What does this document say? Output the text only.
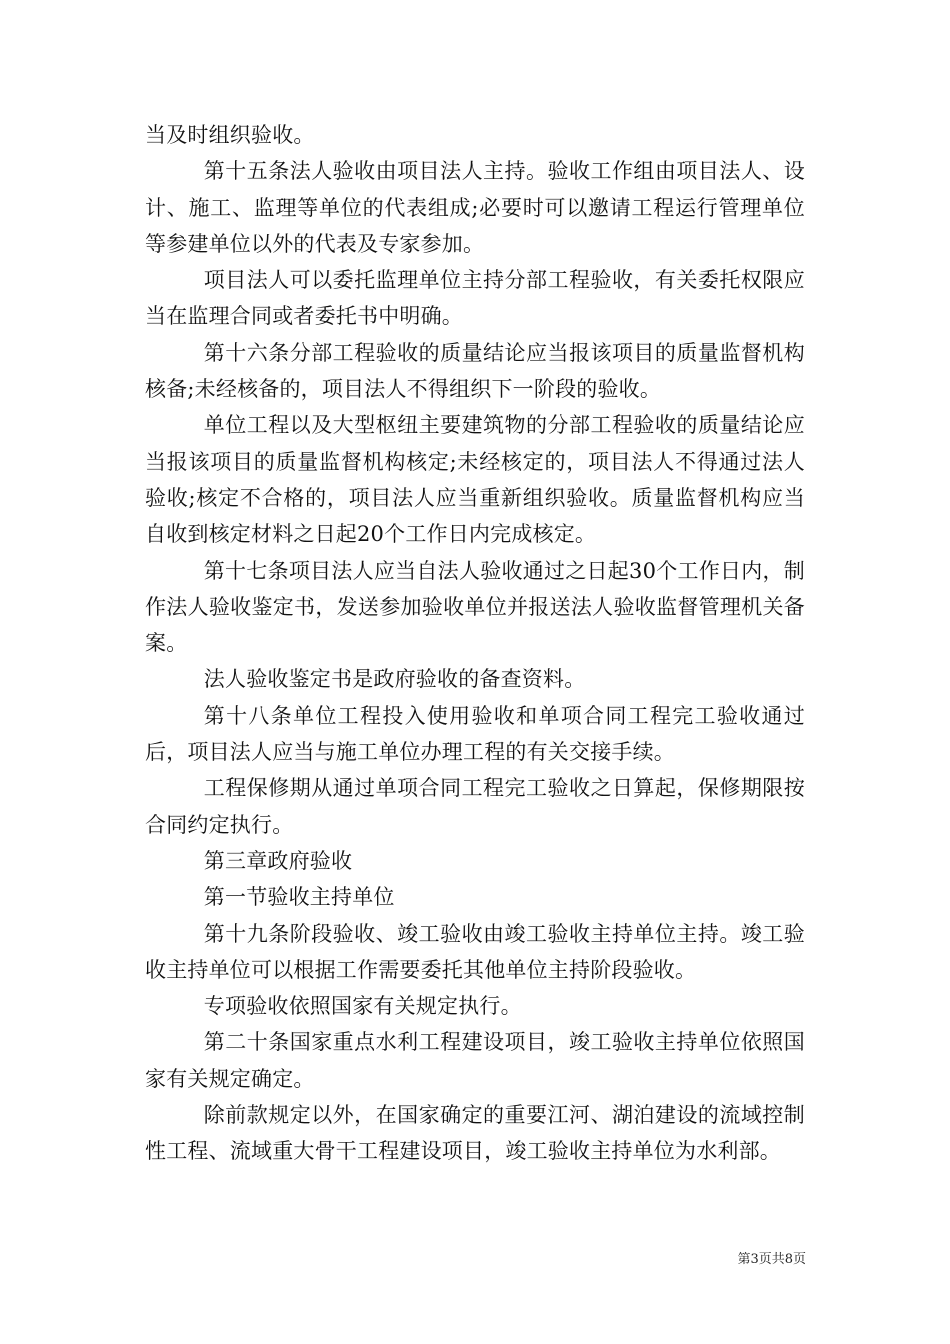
当及时组织验收。

第十五条法人验收由项目法人主持。验收工作组由项目法人、设计、施工、监理等单位的代表组成;必要时可以邀请工程运行管理单位等参建单位以外的代表及专家参加。

项目法人可以委托监理单位主持分部工程验收，有关委托权限应当在监理合同或者委托书中明确。

第十六条分部工程验收的质量结论应当报该项目的质量监督机构核备;未经核备的，项目法人不得组织下一阶段的验收。

单位工程以及大型枢纽主要建筑物的分部工程验收的质量结论应当报该项目的质量监督机构核定;未经核定的，项目法人不得通过法人验收;核定不合格的，项目法人应当重新组织验收。质量监督机构应当自收到核定材料之日起20个工作日内完成核定。

第十七条项目法人应当自法人验收通过之日起30个工作日内，制作法人验收鉴定书，发送参加验收单位并报送法人验收监督管理机关备案。

法人验收鉴定书是政府验收的备查资料。

第十八条单位工程投入使用验收和单项合同工程完工验收通过后，项目法人应当与施工单位办理工程的有关交接手续。

工程保修期从通过单项合同工程完工验收之日算起，保修期限按合同约定执行。

第三章政府验收

第一节验收主持单位

第十九条阶段验收、竣工验收由竣工验收主持单位主持。竣工验收主持单位可以根据工作需要委托其他单位主持阶段验收。

专项验收依照国家有关规定执行。

第二十条国家重点水利工程建设项目，竣工验收主持单位依照国家有关规定确定。

除前款规定以外，在国家确定的重要江河、湖泊建设的流域控制性工程、流域重大骨干工程建设项目，竣工验收主持单位为水利部。

第3页共8页
